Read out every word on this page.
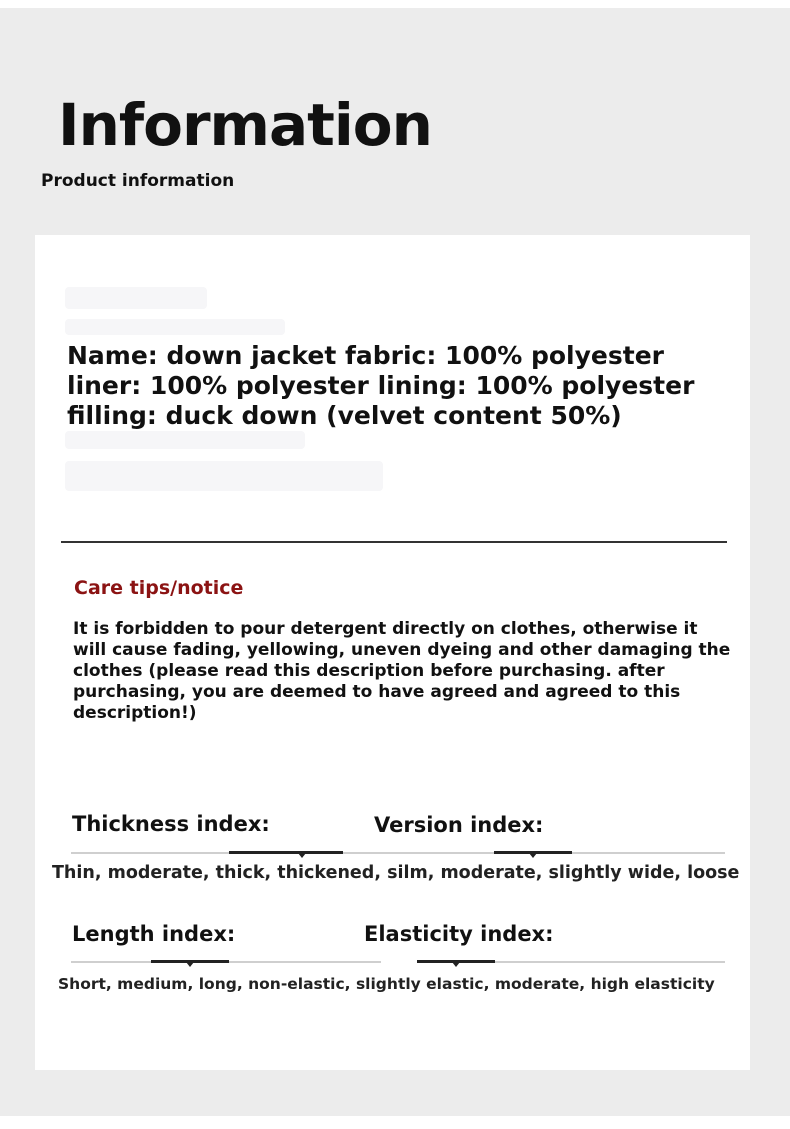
Information
Product information
Name: down jacket fabric: 100% polyester liner: 100% polyester lining: 100% polyester filling: duck down (velvet content 50%)
Care tips/notice
It is forbidden to pour detergent directly on clothes, otherwise it will cause fading, yellowing, uneven dyeing and other damaging the clothes (please read this description before purchasing. after purchasing, you are deemed to have agreed and agreed to this description!)
Thickness index:	Version index:
Thin, moderate, thick, thickened, silm, moderate, slightly wide, loose
Length index:	Elasticity index:
Short, medium, long, non-elastic, slightly elastic, moderate, high elasticity
